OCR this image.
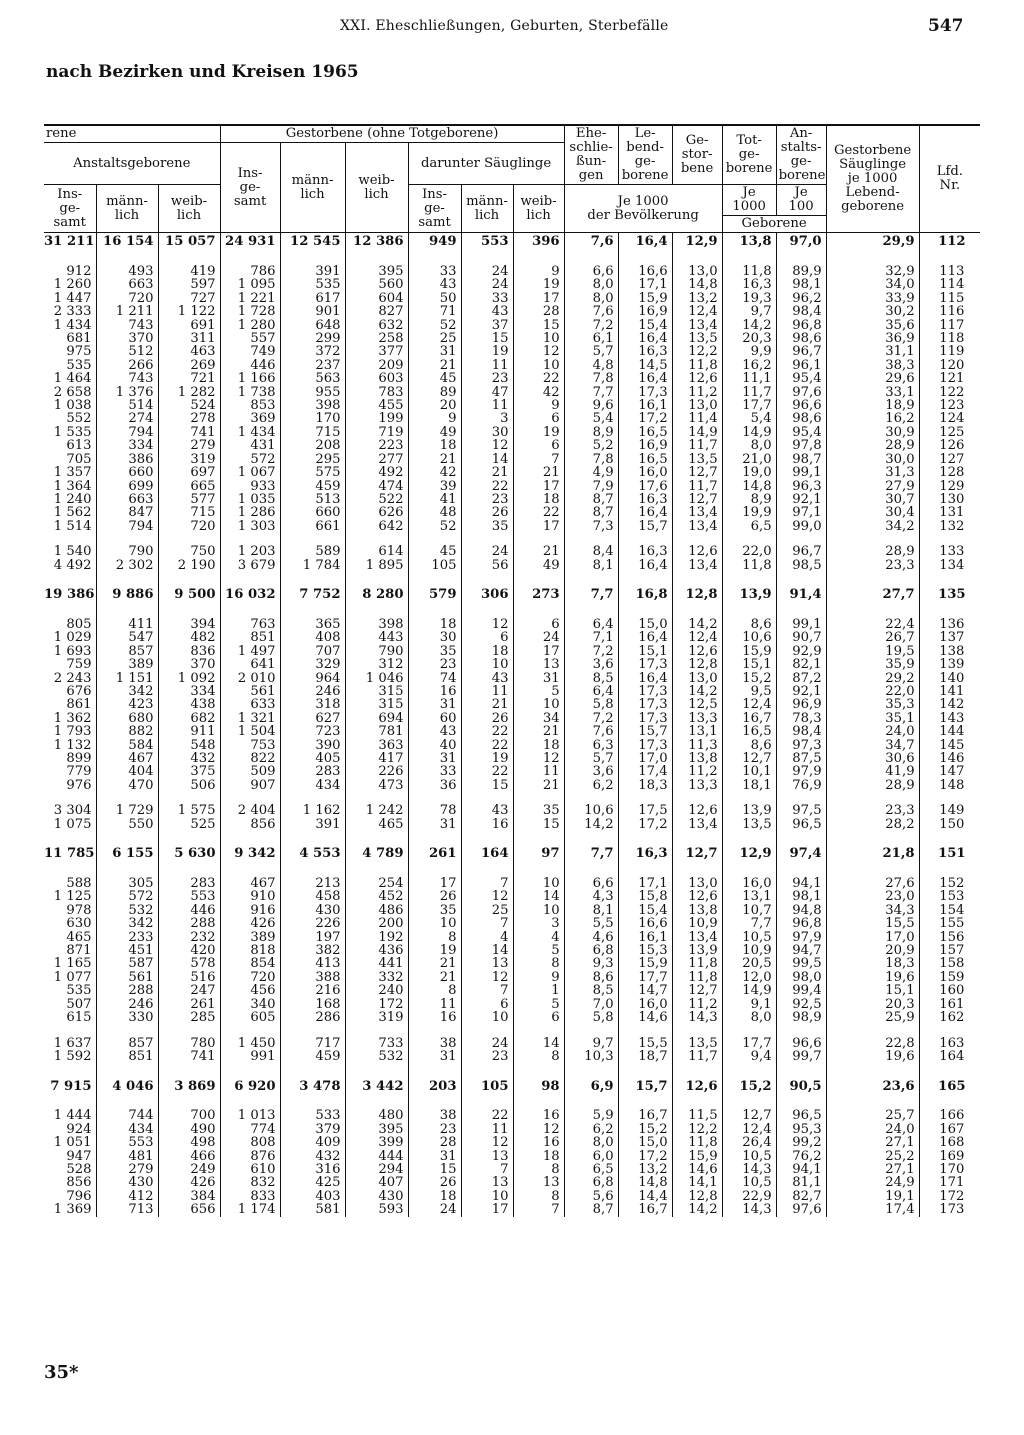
XXI. Eheschließungen, Geburten, Sterbefälle	547
nach Bezirken und Kreisen 1965
rene			Gestorbene (ohne Totgeborene)						Ehe-
schlie-
ßun-
gen	Le-
bend-
ge-
borene	Ge-
stor-
bene	Tot-
ge-
borene	An-
stalts-
ge-
borene	Gestorbene
Säuglinge
je 1000
Lebend-
geborene	Lfd.
Nr.
Anstaltsgeborene			Ins-
ge-
samt	männ-
lich	weib-
lich	darunter Säuglinge									
Ins-
ge-
samt	männ-
lich	weib-
lich				Ins-
ge-
samt	männ-
lich	weib-
lich	Je 1000
der Bevölkerung			Je
1000	Je
100		
												Geborene			
31 211	16 154	15 057	24 931	12 545	12 386	949	553	396	7,6	16,4	12,9	13,8	97,0	29,9	112

912	493	419	786	391	395	33	24	9	6,6	16,6	13,0	11,8	89,9	32,9	113
1 260	663	597	1 095	535	560	43	24	19	8,0	17,1	14,8	16,3	98,1	34,0	114
1 447	720	727	1 221	617	604	50	33	17	8,0	15,9	13,2	19,3	96,2	33,9	115
2 333	1 211	1 122	1 728	901	827	71	43	28	7,6	16,9	12,4	9,7	98,4	30,2	116
1 434	743	691	1 280	648	632	52	37	15	7,2	15,4	13,4	14,2	96,8	35,6	117
681	370	311	557	299	258	25	15	10	6,1	16,4	13,5	20,3	98,6	36,9	118
975	512	463	749	372	377	31	19	12	5,7	16,3	12,2	9,9	96,7	31,1	119
535	266	269	446	237	209	21	11	10	4,8	14,5	11,8	16,2	96,1	38,3	120
1 464	743	721	1 166	563	603	45	23	22	7,8	16,4	12,6	11,1	95,4	29,6	121
2 658	1 376	1 282	1 738	955	783	89	47	42	7,7	17,3	11,2	11,7	97,6	33,1	122
1 038	514	524	853	398	455	20	11	9	9,6	16,1	13,0	17,7	96,6	18,9	123
552	274	278	369	170	199	9	3	6	5,4	17,2	11,4	5,4	98,6	16,2	124
1 535	794	741	1 434	715	719	49	30	19	8,9	16,5	14,9	14,9	95,4	30,9	125
613	334	279	431	208	223	18	12	6	5,2	16,9	11,7	8,0	97,8	28,9	126
705	386	319	572	295	277	21	14	7	7,8	16,5	13,5	21,0	98,7	30,0	127
1 357	660	697	1 067	575	492	42	21	21	4,9	16,0	12,7	19,0	99,1	31,3	128
1 364	699	665	933	459	474	39	22	17	7,9	17,6	11,7	14,8	96,3	27,9	129
1 240	663	577	1 035	513	522	41	23	18	8,7	16,3	12,7	8,9	92,1	30,7	130
1 562	847	715	1 286	660	626	48	26	22	8,7	16,4	13,4	19,9	97,1	30,4	131
1 514	794	720	1 303	661	642	52	35	17	7,3	15,7	13,4	6,5	99,0	34,2	132

1 540	790	750	1 203	589	614	45	24	21	8,4	16,3	12,6	22,0	96,7	28,9	133
4 492	2 302	2 190	3 679	1 784	1 895	105	56	49	8,1	16,4	13,4	11,8	98,5	23,3	134

19 386	9 886	9 500	16 032	7 752	8 280	579	306	273	7,7	16,8	12,8	13,9	91,4	27,7	135

805	411	394	763	365	398	18	12	6	6,4	15,0	14,2	8,6	99,1	22,4	136
1 029	547	482	851	408	443	30	6	24	7,1	16,4	12,4	10,6	90,7	26,7	137
1 693	857	836	1 497	707	790	35	18	17	7,2	15,1	12,6	15,9	92,9	19,5	138
759	389	370	641	329	312	23	10	13	3,6	17,3	12,8	15,1	82,1	35,9	139
2 243	1 151	1 092	2 010	964	1 046	74	43	31	8,5	16,4	13,0	15,2	87,2	29,2	140
676	342	334	561	246	315	16	11	5	6,4	17,3	14,2	9,5	92,1	22,0	141
861	423	438	633	318	315	31	21	10	5,8	17,3	12,5	12,4	96,9	35,3	142
1 362	680	682	1 321	627	694	60	26	34	7,2	17,3	13,3	16,7	78,3	35,1	143
1 793	882	911	1 504	723	781	43	22	21	7,6	15,7	13,1	16,5	98,4	24,0	144
1 132	584	548	753	390	363	40	22	18	6,3	17,3	11,3	8,6	97,3	34,7	145
899	467	432	822	405	417	31	19	12	5,7	17,0	13,8	12,7	87,5	30,6	146
779	404	375	509	283	226	33	22	11	3,6	17,4	11,2	10,1	97,9	41,9	147
976	470	506	907	434	473	36	15	21	6,2	18,3	13,3	18,1	76,9	28,9	148

3 304	1 729	1 575	2 404	1 162	1 242	78	43	35	10,6	17,5	12,6	13,9	97,5	23,3	149
1 075	550	525	856	391	465	31	16	15	14,2	17,2	13,4	13,5	96,5	28,2	150

11 785	6 155	5 630	9 342	4 553	4 789	261	164	97	7,7	16,3	12,7	12,9	97,4	21,8	151

588	305	283	467	213	254	17	7	10	6,6	17,1	13,0	16,0	94,1	27,6	152
1 125	572	553	910	458	452	26	12	14	4,3	15,8	12,6	13,1	98,1	23,0	153
978	532	446	916	430	486	35	25	10	8,1	15,4	13,8	10,7	94,8	34,3	154
630	342	288	426	226	200	10	7	3	5,5	16,6	10,9	7,7	96,8	15,5	155
465	233	232	389	197	192	8	4	4	4,6	16,1	13,4	10,5	97,9	17,0	156
871	451	420	818	382	436	19	14	5	6,8	15,3	13,9	10,9	94,7	20,9	157
1 165	587	578	854	413	441	21	13	8	9,3	15,9	11,8	20,5	99,5	18,3	158
1 077	561	516	720	388	332	21	12	9	8,6	17,7	11,8	12,0	98,0	19,6	159
535	288	247	456	216	240	8	7	1	8,5	14,7	12,7	14,9	99,4	15,1	160
507	246	261	340	168	172	11	6	5	7,0	16,0	11,2	9,1	92,5	20,3	161
615	330	285	605	286	319	16	10	6	5,8	14,6	14,3	8,0	98,9	25,9	162

1 637	857	780	1 450	717	733	38	24	14	9,7	15,5	13,5	17,7	96,6	22,8	163
1 592	851	741	991	459	532	31	23	8	10,3	18,7	11,7	9,4	99,7	19,6	164

7 915	4 046	3 869	6 920	3 478	3 442	203	105	98	6,9	15,7	12,6	15,2	90,5	23,6	165

1 444	744	700	1 013	533	480	38	22	16	5,9	16,7	11,5	12,7	96,5	25,7	166
924	434	490	774	379	395	23	11	12	6,2	15,2	12,2	12,4	95,3	24,0	167
1 051	553	498	808	409	399	28	12	16	8,0	15,0	11,8	26,4	99,2	27,1	168
947	481	466	876	432	444	31	13	18	6,0	17,2	15,9	10,5	76,2	25,2	169
528	279	249	610	316	294	15	7	8	6,5	13,2	14,6	14,3	94,1	27,1	170
856	430	426	832	425	407	26	13	13	6,8	14,8	14,1	10,5	81,1	24,9	171
796	412	384	833	403	430	18	10	8	5,6	14,4	12,8	22,9	82,7	19,1	172
1 369	713	656	1 174	581	593	24	17	7	8,7	16,7	14,2	14,3	97,6	17,4	173
35*
